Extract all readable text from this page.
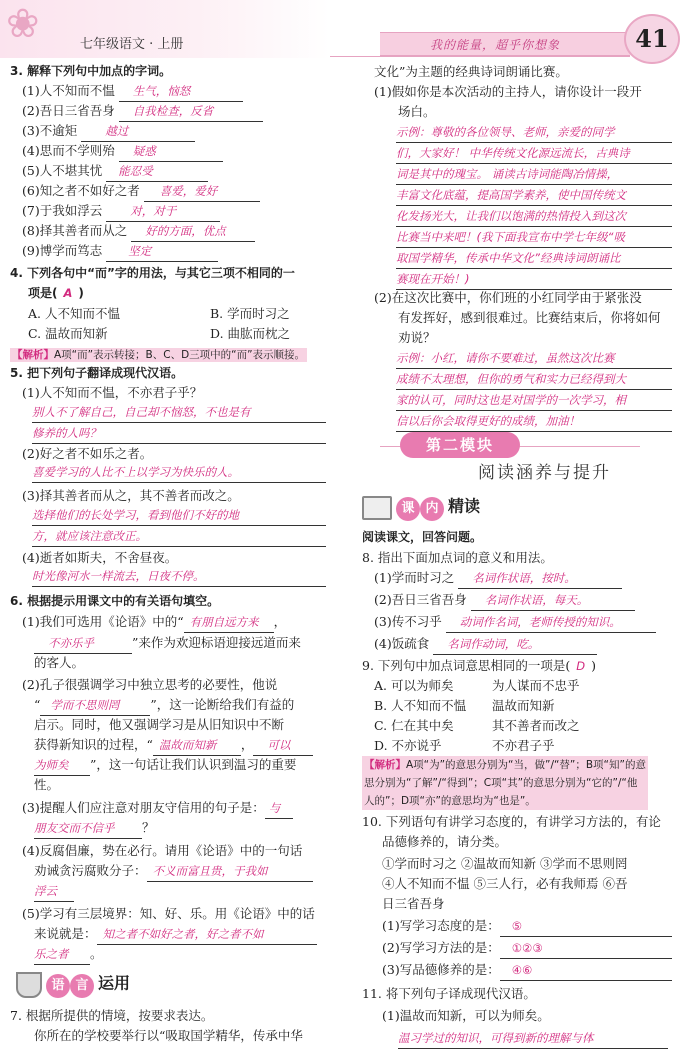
❀	七年级语文 · 上册	我的能量，超乎你想象	41
3. 解释下列句中加点的字词。
(1)人不知而不愠 生气，恼怒
(2)吾日三省吾身 自我检查，反省
(3)不逾矩 越过
(4)思而不学则殆 疑惑
(5)人不堪其忧 能忍受
(6)知之者不如好之者 喜爱，爱好
(7)于我如浮云 对，对于
(8)择其善者而从之 好的方面，优点
(9)博学而笃志 坚定
4. 下列各句中“而”字的用法，与其它三项不相同的一
项是( A )
A. 人不知而不愠	B. 学而时习之
C. 温故而知新	D. 曲肱而枕之
【解析】A项“而”表示转接；B、C、D三项中的“而”表示顺接。
5. 把下列句子翻译成现代汉语。
(1)人不知而不愠，不亦君子乎？
别人不了解自己，自己却不恼怒，不也是有
修养的人吗？
(2)好之者不如乐之者。
喜爱学习的人比不上以学习为快乐的人。
(3)择其善者而从之，其不善者而改之。
选择他们的长处学习，看到他们不好的地
方，就应该注意改正。
(4)逝者如斯夫，不舍昼夜。
时光像河水一样流去，日夜不停。
6. 根据提示用课文中的有关语句填空。
(1)我们可选用《论语》中的“ 有朋自远方来 ，
不亦乐乎	”来作为欢迎标语迎接远道而来
的客人。
(2)孔子很强调学习中独立思考的必要性，他说
“ 学而不思则罔 ”，这一论断给我们有益的
启示。同时，他又强调学习是从旧知识中不断
获得新知识的过程，“ 温故而知新 ， 可以
为师矣 ”，这一句话让我们认识到温习的重要
性。
(3)提醒人们应注意对朋友守信用的句子是： 与
朋友交而不信乎 ？
(4)反腐倡廉，势在必行。请用《论语》中的一句话
劝诫贪污腐败分子： 不义而富且贵，于我如
浮云
(5)学习有三层境界：知、好、乐。用《论语》中的话
来说就是： 知之者不如好之者，好之者不如
乐之者 。
语 言 运用
7. 根据所提供的情境，按要求表达。
你所在的学校要举行以“吸取国学精华，传承中华
文化”为主题的经典诗词朗诵比赛。
(1)假如你是本次活动的主持人，请你设计一段开
场白。
示例：尊敬的各位领导、老师，亲爱的同学
们，大家好！ 中华传统文化源远流长，古典诗
词是其中的瑰宝。 诵读古诗词能陶冶情操，
丰富文化底蕴，提高国学素养，使中国传统文
化发扬光大，让我们以饱满的热情投入到这次
比赛当中来吧！(我下面我宣布中学七年级“吸
取国学精华，传承中华文化”经典诗词朗诵比
赛现在开始！)
(2)在这次比赛中，你们班的小红同学由于紧张没
有发挥好，感到很难过。比赛结束后，你将如何
劝说？
示例：小红，请你不要难过，虽然这次比赛
成绩不太理想，但你的勇气和实力已经得到大
家的认可，同时这也是对国学的一次学习，相
信以后你会取得更好的成绩，加油！
课 内 精读
阅读课文，回答问题。
8. 指出下面加点词的意义和用法。
(1)学而时习之 名词作状语，按时。
(2)吾日三省吾身 名词作状语，每天。
(3)传不习乎 动词作名词，老师传授的知识。
(4)饭疏食 名词作动词，吃。
9. 下列句中加点词意思相同的一项是( D )
A. 可以为师矣	为人谋而不忠乎
B. 人不知而不愠 温故而知新
C. 仁在其中矣	其不善者而改之
D. 不亦说乎	不亦君子乎
【解析】A项“为”的意思分别为“当，做”/“替”；B项“知”的意
思分别为“了解”/“得到”；C项“其”的意思分别为“它的”/“他
人的”；D项“亦”的意思均为“也是”。
10. 下列语句有讲学习态度的，有讲学习方法的，有论
品德修养的，请分类。
①学而时习之 ②温故而知新 ③学而不思则罔
④人不知而不愠 ⑤三人行，必有我师焉 ⑥吾
日三省吾身
(1)写学习态度的是： ⑤
(2)写学习方法的是： ①②③
(3)写品德修养的是： ④⑥
11. 将下列句子译成现代汉语。
(1)温故而知新，可以为师矣。
温习学过的知识，可得到新的理解与体
第二模块
阅读涵养与提升
